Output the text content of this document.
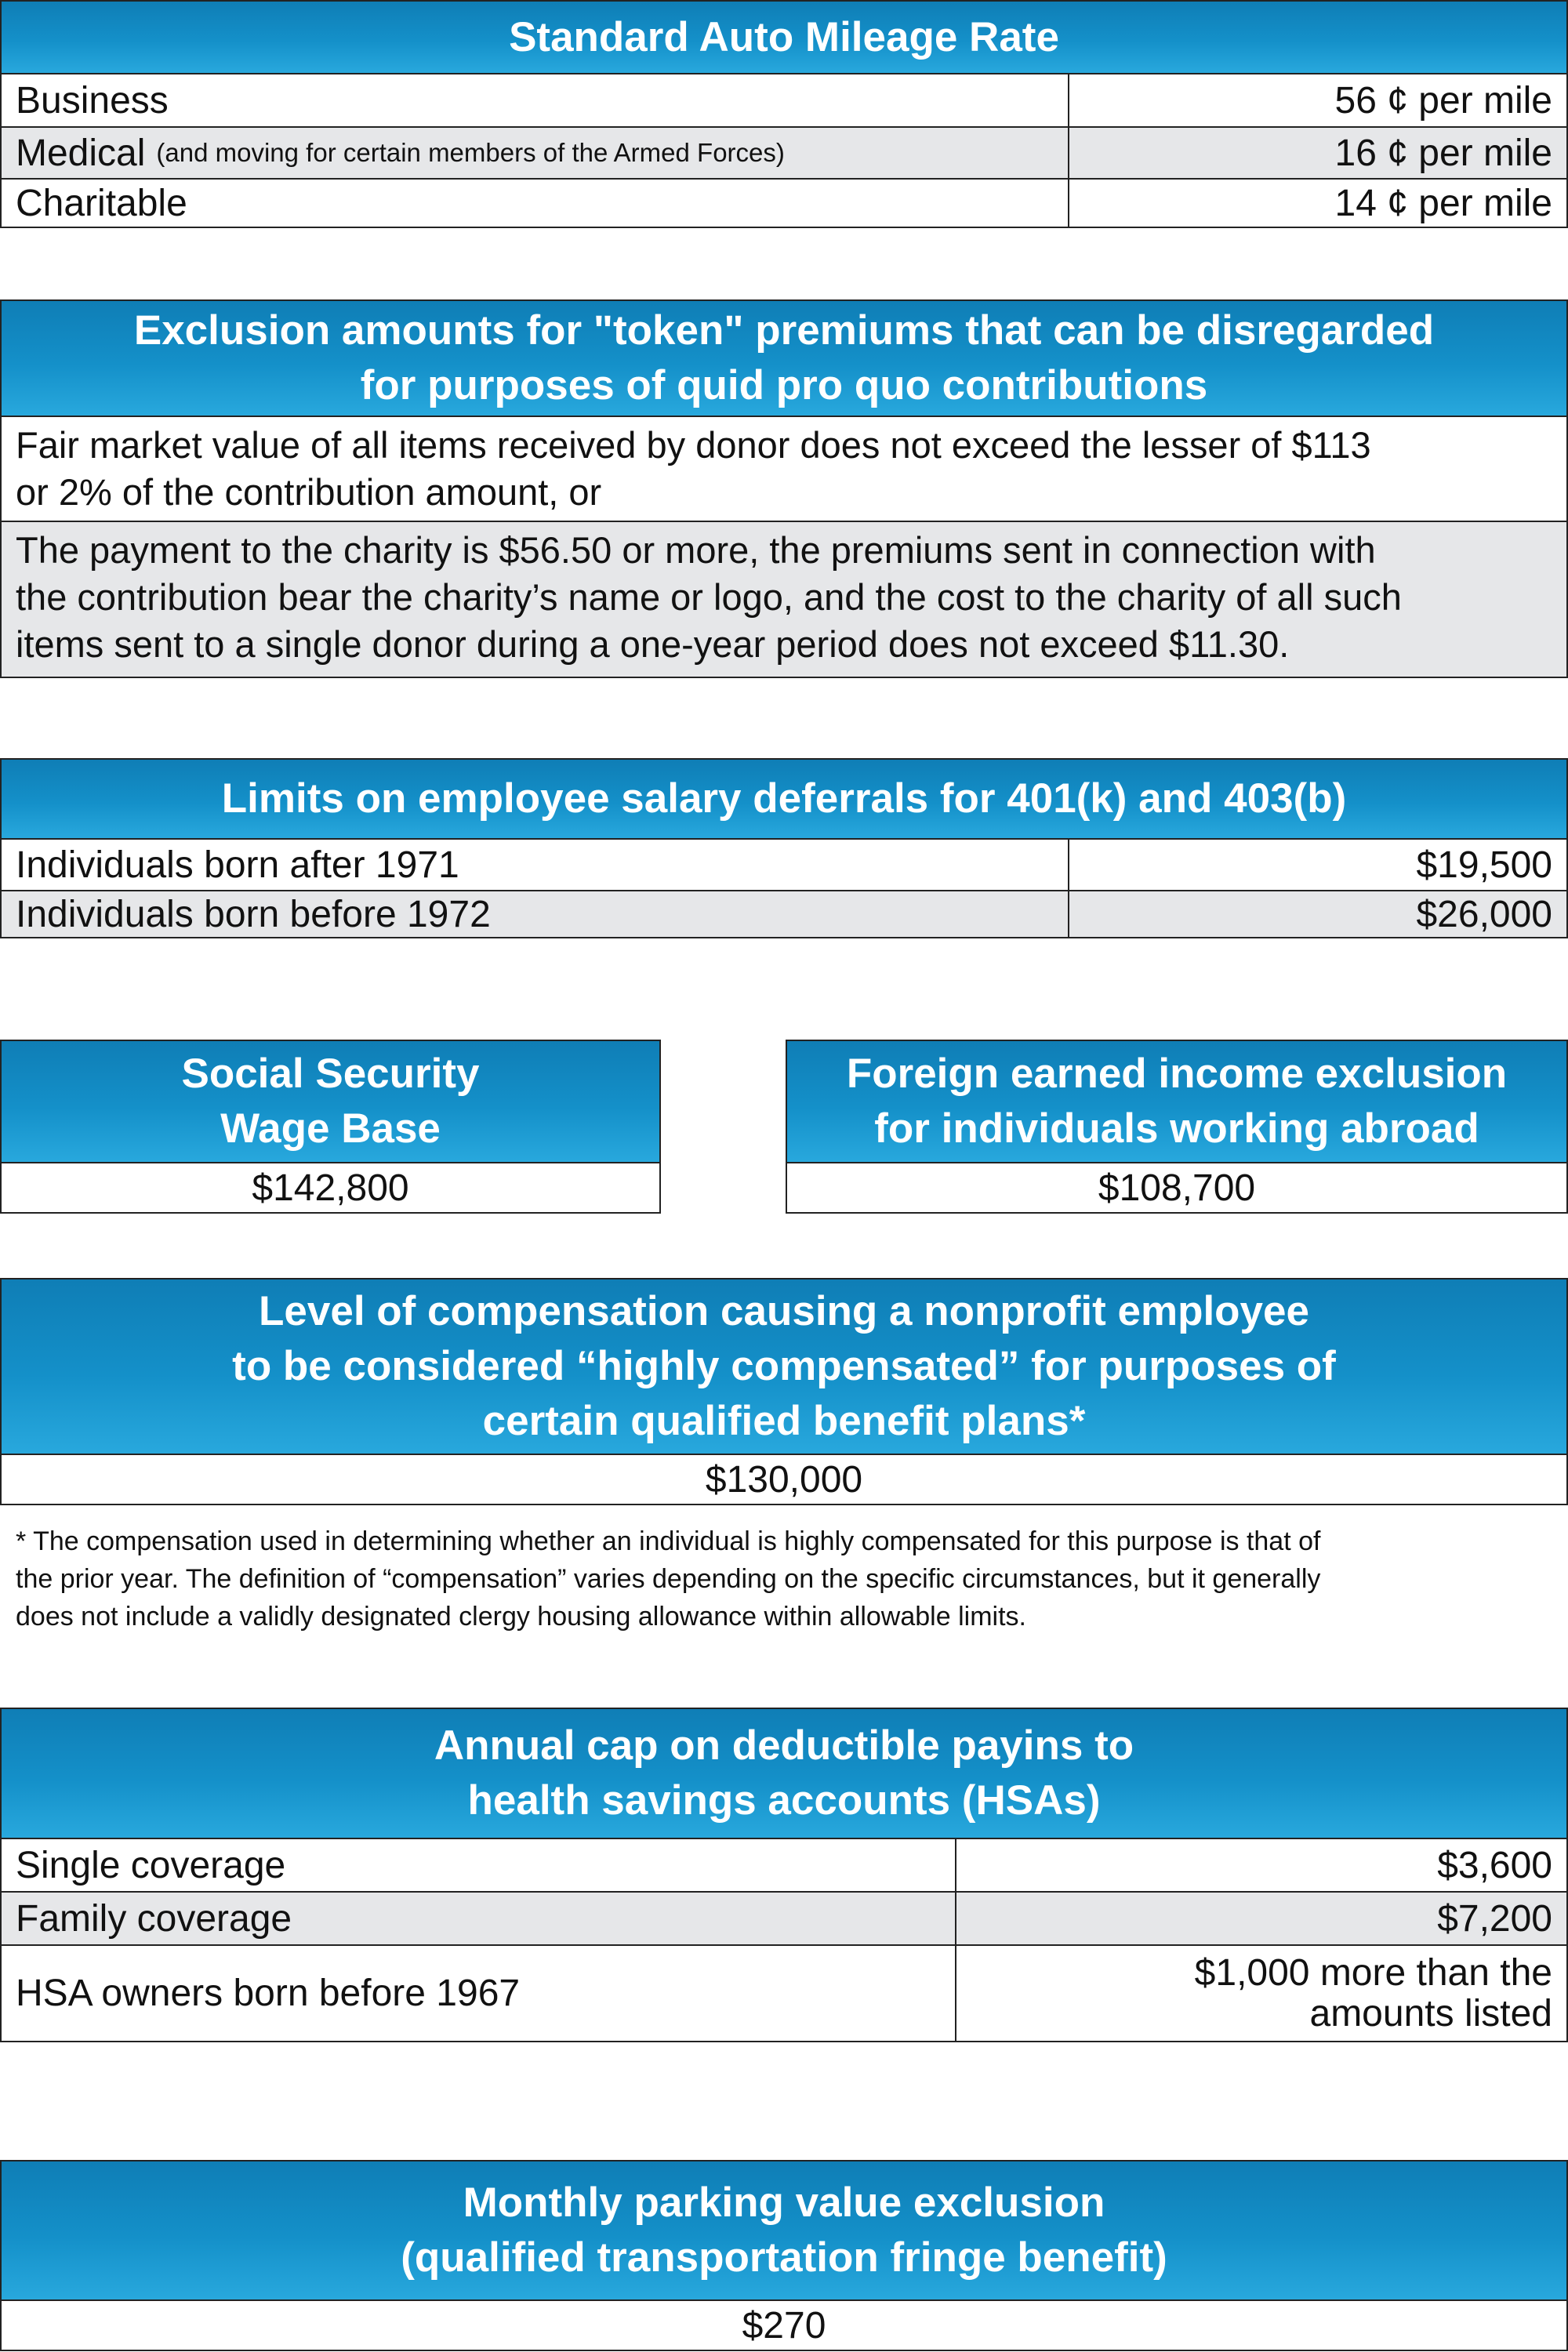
Standard Auto Mileage Rate
Business	56 ¢ per mile
Medical (and moving for certain members of the Armed Forces)	16 ¢ per mile
Charitable	14 ¢ per mile
Exclusion amounts for "token" premiums that can be disregarded
for purposes of quid pro quo contributions
Fair market value of all items received by donor does not exceed the lesser of $113
or 2% of the contribution amount, or
The payment to the charity is $56.50 or more, the premiums sent in connection with
the contribution bear the charity’s name or logo, and the cost to the charity of all such
items sent to a single donor during a one-year period does not exceed $11.30.
Limits on employee salary deferrals for 401(k) and 403(b)
Individuals born after 1971	$19,500
Individuals born before 1972	$26,000
Social Security
Wage Base
$142,800
Foreign earned income exclusion
for individuals working abroad
$108,700
Level of compensation causing a nonprofit employee
to be considered “highly compensated” for purposes of
certain qualified benefit plans*
$130,000
* The compensation used in determining whether an individual is highly compensated for this purpose is that of
the prior year. The definition of “compensation” varies depending on the specific circumstances, but it generally
does not include a validly designated clergy housing allowance within allowable limits.
Annual cap on deductible payins to
health savings accounts (HSAs)
Single coverage	$3,600
Family coverage	$7,200
HSA owners born before 1967	$1,000 more than the
amounts listed
Monthly parking value exclusion
(qualified transportation fringe benefit)
$270
